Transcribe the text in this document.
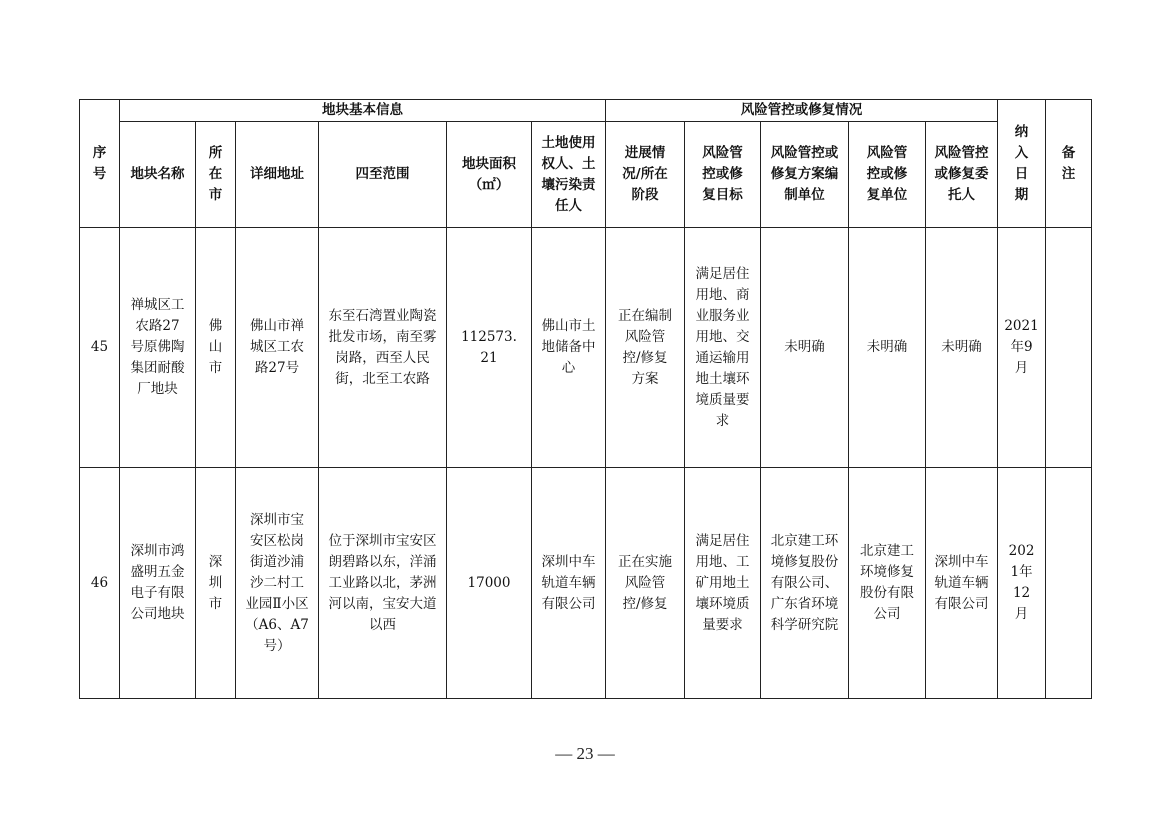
序号	地块基本信息						风险管控或修复情况					纳入日期	备注
	地块名称	所在市	详细地址	四至范围	地块面积（㎡）	土地使用权人、土壤污染责任人	进展情况/所在阶段	风险管控或修复目标	风险管控或修复方案编制单位	风险管控或修复单位	风险管控或修复委托人		
45	禅城区工农路27号原佛陶集团耐酸厂地块	佛山市	佛山市禅城区工农路27号	东至石湾置业陶瓷批发市场，南至雾岗路，西至人民街，北至工农路	112573.21	佛山市土地储备中心	正在编制风险管控/修复方案	满足居住用地、商业服务业用地、交通运输用地土壤环境质量要求	未明确	未明确	未明确	2021年9月	
46	深圳市鸿盛明五金电子有限公司地块	深圳市	深圳市宝安区松岗街道沙浦沙二村工业园Ⅱ小区（A6、A7号）	位于深圳市宝安区朗碧路以东，洋涌工业路以北，茅洲河以南，宝安大道以西	17000	深圳中车轨道车辆有限公司	正在实施风险管控/修复	满足居住用地、工矿用地土壤环境质量要求	北京建工环境修复股份有限公司、广东省环境科学研究院	北京建工环境修复股份有限公司	深圳中车轨道车辆有限公司	2021年12月	
— 23 —
